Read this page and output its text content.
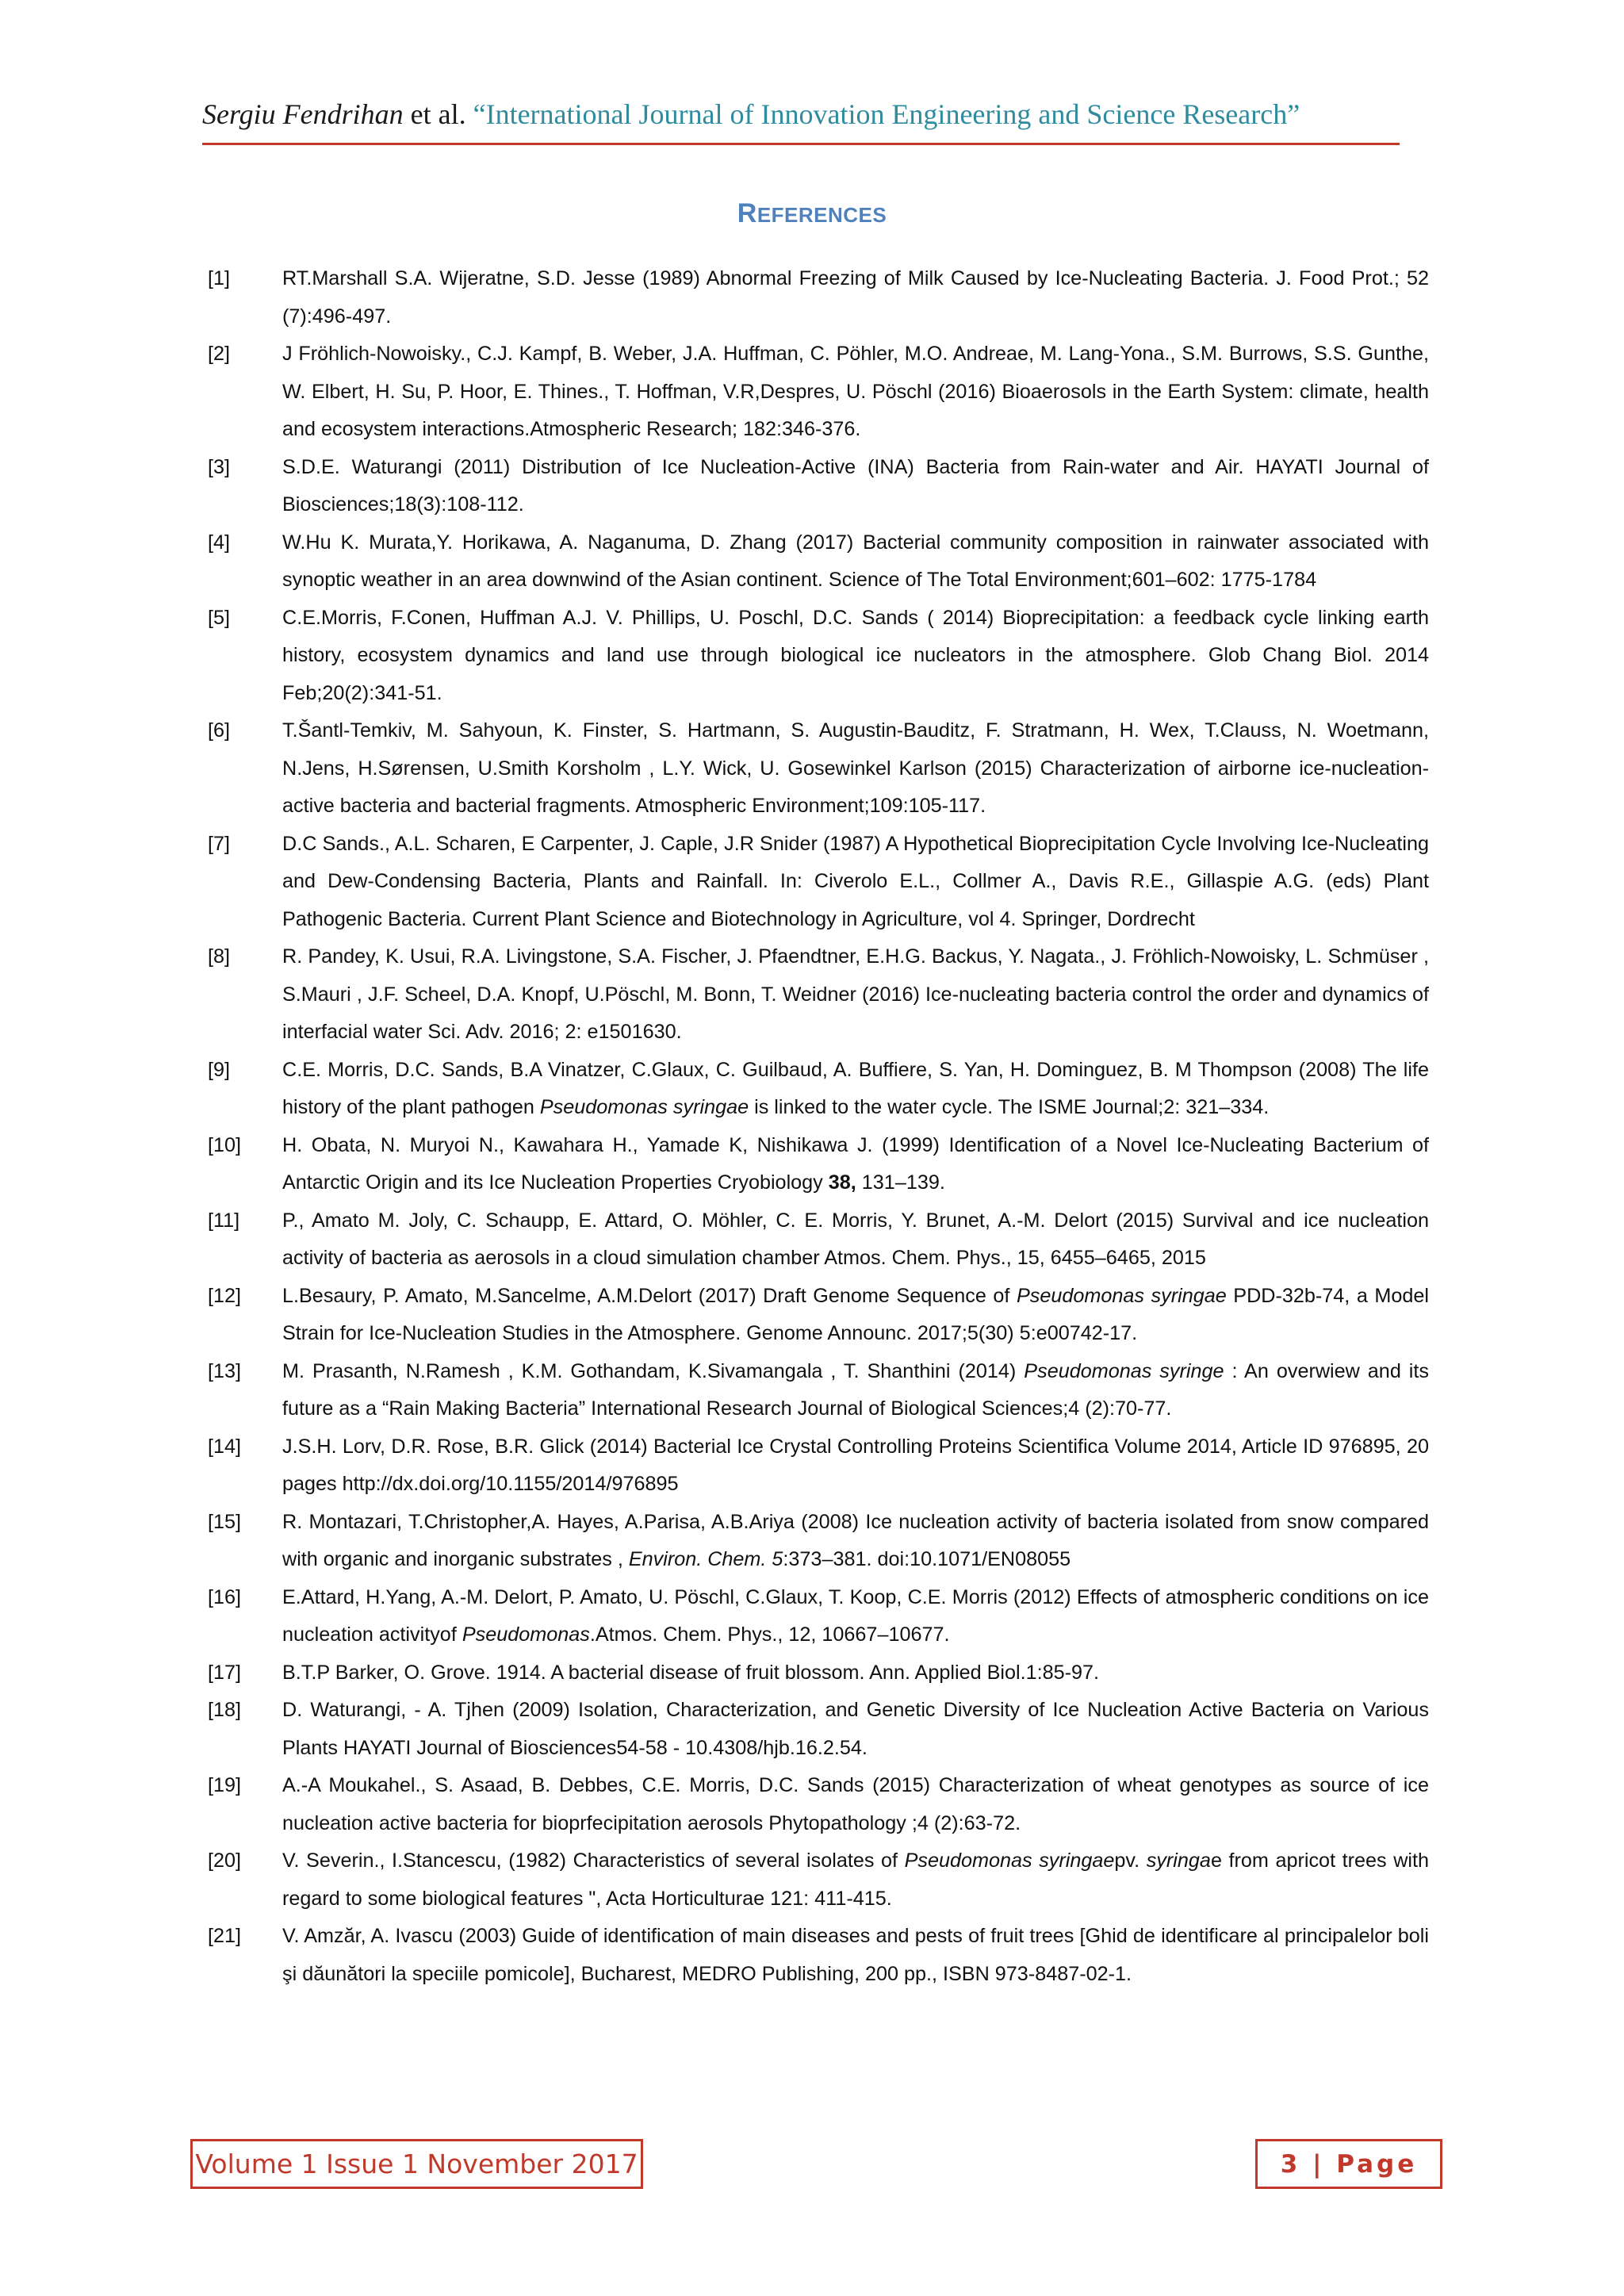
Sergiu Fendrihan et al. “International Journal of Innovation Engineering and Science Research”
REFERENCES
[1]	RT.Marshall S.A. Wijeratne, S.D. Jesse (1989) Abnormal Freezing of Milk Caused by Ice-Nucleating Bacteria. J. Food Prot.; 52 (7):496-497.
[2]	J Fröhlich-Nowoisky., C.J. Kampf, B. Weber, J.A. Huffman, C. Pöhler, M.O. Andreae, M. Lang-Yona., S.M. Burrows, S.S. Gunthe, W. Elbert, H. Su, P. Hoor, E. Thines., T. Hoffman, V.R,Despres, U. Pöschl (2016) Bioaerosols in the Earth System: climate, health and ecosystem interactions.Atmospheric Research; 182:346-376.
[3]	S.D.E. Waturangi (2011) Distribution of Ice Nucleation-Active (INA) Bacteria from Rain-water and Air. HAYATI Journal of Biosciences;18(3):108-112.
[4]	W.Hu K. Murata,Y. Horikawa, A. Naganuma, D. Zhang (2017) Bacterial community composition in rainwater associated with synoptic weather in an area downwind of the Asian continent. Science of The Total Environment;601–602: 1775-1784
[5]	C.E.Morris, F.Conen, Huffman A.J. V. Phillips, U. Poschl, D.C. Sands ( 2014) Bioprecipitation: a feedback cycle linking earth history, ecosystem dynamics and land use through biological ice nucleators in the atmosphere. Glob Chang Biol. 2014 Feb;20(2):341-51.
[6]	T.Šantl-Temkiv, M. Sahyoun, K. Finster, S. Hartmann, S. Augustin-Bauditz, F. Stratmann, H. Wex, T.Clauss, N. Woetmann, N.Jens, H.Sørensen, U.Smith Korsholm , L.Y. Wick, U. Gosewinkel Karlson (2015) Characterization of airborne ice-nucleation-active bacteria and bacterial fragments. Atmospheric Environment;109:105-117.
[7]	D.C Sands., A.L. Scharen, E Carpenter, J. Caple, J.R Snider (1987) A Hypothetical Bioprecipitation Cycle Involving Ice-Nucleating and Dew-Condensing Bacteria, Plants and Rainfall. In: Civerolo E.L., Collmer A., Davis R.E., Gillaspie A.G. (eds) Plant Pathogenic Bacteria. Current Plant Science and Biotechnology in Agriculture, vol 4. Springer, Dordrecht
[8]	R. Pandey, K. Usui, R.A. Livingstone, S.A. Fischer, J. Pfaendtner, E.H.G. Backus, Y. Nagata., J. Fröhlich-Nowoisky, L. Schmüser , S.Mauri , J.F. Scheel, D.A. Knopf, U.Pöschl, M. Bonn, T. Weidner (2016) Ice-nucleating bacteria control the order and dynamics of interfacial water Sci. Adv. 2016; 2: e1501630.
[9]	C.E. Morris, D.C. Sands, B.A Vinatzer, C.Glaux, C. Guilbaud, A. Buffiere, S. Yan, H. Dominguez, B. M Thompson (2008) The life history of the plant pathogen Pseudomonas syringae is linked to the water cycle. The ISME Journal;2: 321–334.
[10]	H. Obata, N. Muryoi N., Kawahara H., Yamade K, Nishikawa J. (1999) Identification of a Novel Ice-Nucleating Bacterium of Antarctic Origin and its Ice Nucleation Properties Cryobiology 38, 131–139.
[11]	P., Amato M. Joly, C. Schaupp, E. Attard, O. Möhler, C. E. Morris, Y. Brunet, A.-M. Delort (2015) Survival and ice nucleation activity of bacteria as aerosols in a cloud simulation chamber Atmos. Chem. Phys., 15, 6455–6465, 2015
[12]	L.Besaury, P. Amato, M.Sancelme, A.M.Delort (2017) Draft Genome Sequence of Pseudomonas syringae PDD-32b-74, a Model Strain for Ice-Nucleation Studies in the Atmosphere. Genome Announc. 2017;5(30) 5:e00742-17.
[13]	M. Prasanth, N.Ramesh , K.M. Gothandam, K.Sivamangala , T. Shanthini (2014) Pseudomonas syringe : An overwiew and its future as a “Rain Making Bacteria” International Research Journal of Biological Sciences;4 (2):70-77.
[14]	J.S.H. Lorv, D.R. Rose, B.R. Glick (2014) Bacterial Ice Crystal Controlling Proteins Scientifica Volume 2014, Article ID 976895, 20 pages http://dx.doi.org/10.1155/2014/976895
[15]	R. Montazari, T.Christopher,A. Hayes, A.Parisa, A.B.Ariya (2008) Ice nucleation activity of bacteria isolated from snow compared with organic and inorganic substrates , Environ. Chem. 5:373–381. doi:10.1071/EN08055
[16]	E.Attard, H.Yang, A.-M. Delort, P. Amato, U. Pöschl, C.Glaux, T. Koop, C.E. Morris (2012) Effects of atmospheric conditions on ice nucleation activityof Pseudomonas.Atmos. Chem. Phys., 12, 10667–10677.
[17]	B.T.P Barker, O. Grove. 1914. A bacterial disease of fruit blossom. Ann. Applied Biol.1:85-97.
[18]	D. Waturangi, - A. Tjhen (2009) Isolation, Characterization, and Genetic Diversity of Ice Nucleation Active Bacteria on Various Plants HAYATI Journal of Biosciences54-58 - 10.4308/hjb.16.2.54.
[19]	A.-A Moukahel., S. Asaad, B. Debbes, C.E. Morris, D.C. Sands (2015) Characterization of wheat genotypes as source of ice nucleation active bacteria for bioprfecipitation aerosols Phytopathology ;4 (2):63-72.
[20]	V. Severin., I.Stancescu, (1982) Characteristics of several isolates of Pseudomonas syringaepv. syringae from apricot trees with regard to some biological features ", Acta Horticulturae 121: 411-415.
[21]	V. Amzăr, A. Ivascu (2003) Guide of identification of main diseases and pests of fruit trees [Ghid de identificare al principalelor boli şi dăunători la speciile pomicole], Bucharest, MEDRO Publishing, 200 pp., ISBN 973-8487-02-1.
Volume 1 Issue 1 November 2017	3 | Page
